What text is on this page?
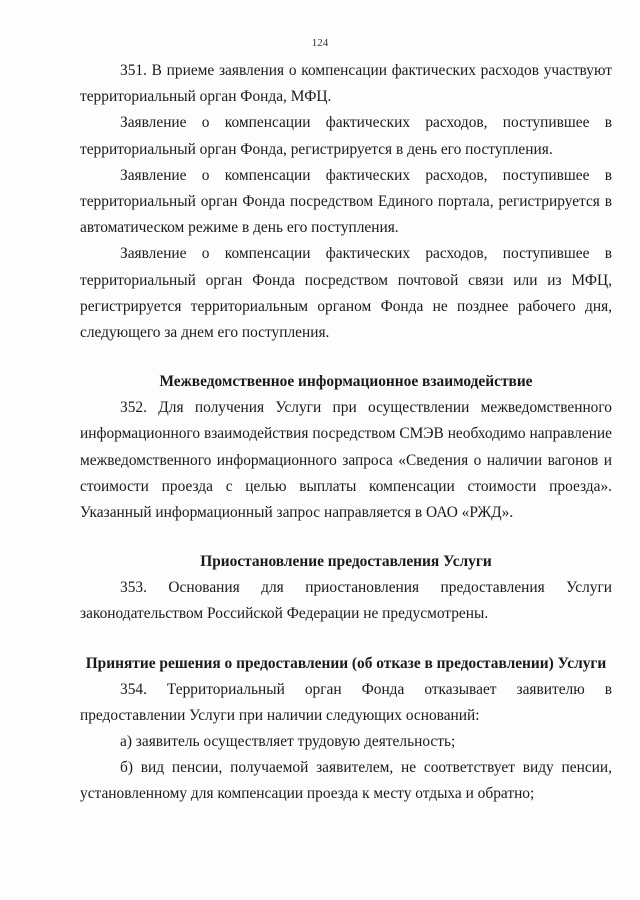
124

351. В приеме заявления о компенсации фактических расходов участвуют территориальный орган Фонда, МФЦ.

Заявление о компенсации фактических расходов, поступившее в территориальный орган Фонда, регистрируется в день его поступления.

Заявление о компенсации фактических расходов, поступившее в территориальный орган Фонда посредством Единого портала, регистрируется в автоматическом режиме в день его поступления.

Заявление о компенсации фактических расходов, поступившее в территориальный орган Фонда посредством почтовой связи или из МФЦ, регистрируется территориальным органом Фонда не позднее рабочего дня, следующего за днем его поступления.

Межведомственное информационное взаимодействие

352. Для получения Услуги при осуществлении межведомственного информационного взаимодействия посредством СМЭВ необходимо направление межведомственного информационного запроса «Сведения о наличии вагонов и стоимости проезда с целью выплаты компенсации стоимости проезда». Указанный информационный запрос направляется в ОАО «РЖД».

Приостановление предоставления Услуги

353. Основания для приостановления предоставления Услуги законодательством Российской Федерации не предусмотрены.

Принятие решения о предоставлении (об отказе в предоставлении) Услуги

354. Территориальный орган Фонда отказывает заявителю в предоставлении Услуги при наличии следующих оснований:

а) заявитель осуществляет трудовую деятельность;

б) вид пенсии, получаемой заявителем, не соответствует виду пенсии, установленному для компенсации проезда к месту отдыха и обратно;
